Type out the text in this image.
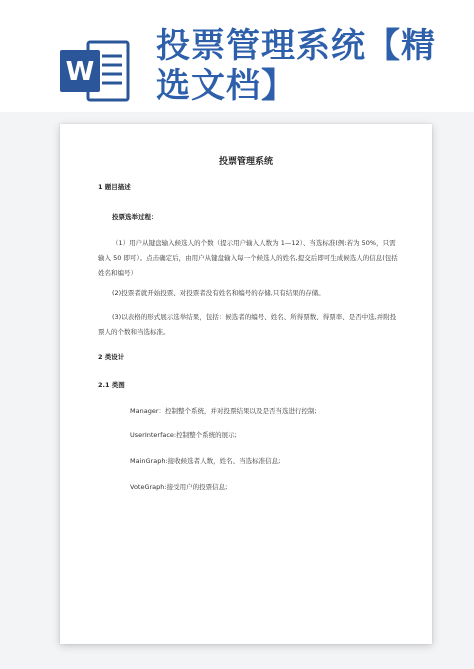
W
投票管理系统【精选文档】
投票管理系统
1 题目描述
投票选举过程：
（1）用户从键盘输入候选人的个数（提示用户输入人数为 1—12）、当选标准(例:若为 50%，只需输入 50 即可）。点击确定后，由用户从键盘输入每一个候选人的姓名,提交后即可生成候选人的信息(包括姓名和编号）
(2)投票者就开始投票、对投票者没有姓名和编号的存储,只有结果的存储。
(3)以表格的形式展示选举结果，包括：候选者的编号、姓名、所得票数、得票率、是否中选,并附投票人的个数和当选标准。
2 类设计
2.1 类图
Manager：控制整个系统，并对投票结果以及是否当选进行控制;
UserInterface:控制整个系统的展示;
MainGraph:接收候选者人数，姓名、当选标准信息;
VoteGraph:接受用户的投票信息;
